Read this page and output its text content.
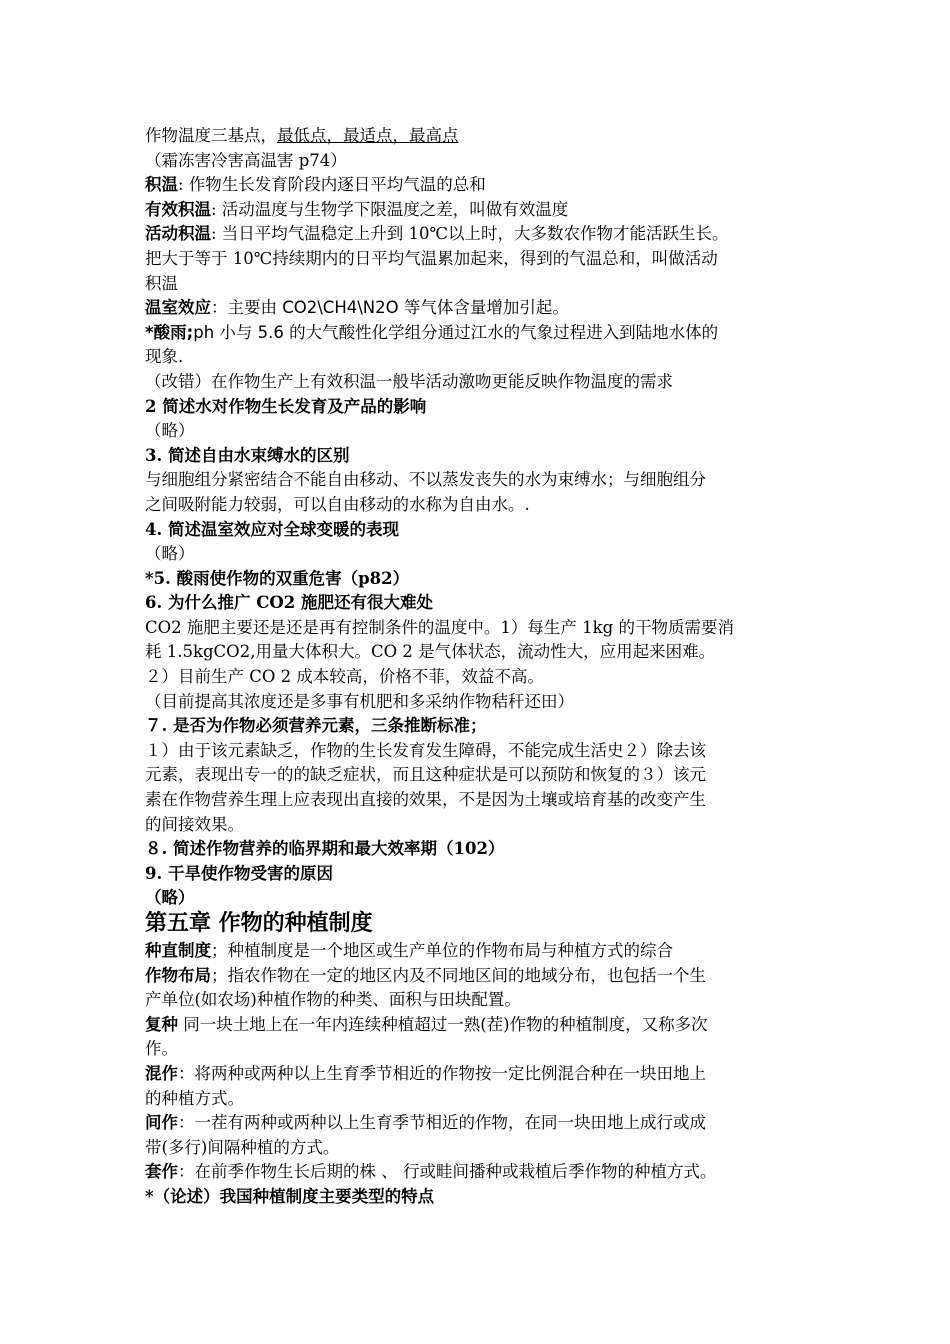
作物温度三基点，最低点，最适点，最高点
（霜冻害冷害高温害 p74）
积温: 作物生长发育阶段内逐日平均气温的总和
有效积温: 活动温度与生物学下限温度之差，叫做有效温度
活动积温: 当日平均气温稳定上升到 10℃以上时，大多数农作物才能活跃生长。
把大于等于 10℃持续期内的日平均气温累加起来，得到的气温总和，叫做活动
积温
温室效应：主要由 CO2\CH4\N2O 等气体含量增加引起。
*酸雨;ph 小与 5.6 的大气酸性化学组分通过江水的气象过程进入到陆地水体的
现象.
（改错）在作物生产上有效积温一般毕活动激吻更能反映作物温度的需求
2 简述水对作物生长发育及产品的影响
（略）
3. 简述自由水束缚水的区别
与细胞组分紧密结合不能自由移动、不以蒸发丧失的水为束缚水；与细胞组分
之间吸附能力较弱，可以自由移动的水称为自由水。.
4. 简述温室效应对全球变暖的表现
（略）
*5. 酸雨使作物的双重危害（p82）
6. 为什么推广 CO2 施肥还有很大难处
CO2 施肥主要还是还是再有控制条件的温度中。1）每生产 1kg 的干物质需要消
耗 1.5kgCO2,用量大体积大。CO 2 是气体状态，流动性大，应用起来困难。
２）目前生产 CO 2 成本较高，价格不菲，效益不高。
（目前提高其浓度还是多事有机肥和多采纳作物秸秆还田）
７. 是否为作物必须营养元素，三条推断标准；
１）由于该元素缺乏，作物的生长发育发生障碍，不能完成生活史２）除去该
元素，表现出专一的的缺乏症状，而且这种症状是可以预防和恢复的３）该元
素在作物营养生理上应表现出直接的效果，不是因为土壤或培育基的改变产生
的间接效果。
８. 简述作物营养的临界期和最大效率期（102）
9. 干旱使作物受害的原因
（略）
第五章 作物的种植制度
种直制度；种植制度是一个地区或生产单位的作物布局与种植方式的综合
作物布局；指农作物在一定的地区内及不同地区间的地域分布，也包括一个生
产单位(如农场)种植作物的种类、面积与田块配置。
复种 同一块土地上在一年内连续种植超过一熟(茬)作物的种植制度，又称多次
作。
混作：将两种或两种以上生育季节相近的作物按一定比例混合种在一块田地上
的种植方式。
间作：一茬有两种或两种以上生育季节相近的作物，在同一块田地上成行或成
带(多行)间隔种植的方式。
套作：在前季作物生长后期的株 、 行或畦间播种或栽植后季作物的种植方式。
*（论述）我国种植制度主要类型的特点
